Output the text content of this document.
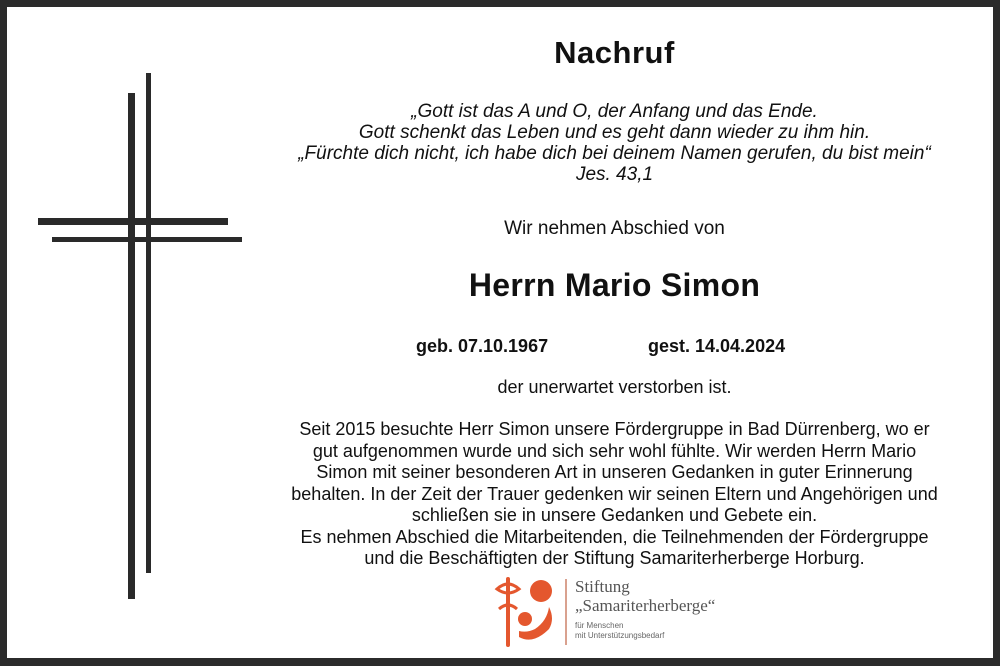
Nachruf
„Gott ist das A und O, der Anfang und das Ende.
Gott schenkt das Leben und es geht dann wieder zu ihm hin.
„Fürchte dich nicht, ich habe dich bei deinem Namen gerufen, du bist mein“
Jes. 43,1
Wir nehmen Abschied von
Herrn Mario Simon
geb. 07.10.1967	gest. 14.04.2024
der unerwartet verstorben ist.
Seit 2015 besuchte Herr Simon unsere Fördergruppe in Bad Dürrenberg, wo er
gut aufgenommen wurde und sich sehr wohl fühlte. Wir werden Herrn Mario
Simon mit seiner besonderen Art in unseren Gedanken in guter Erinnerung
behalten. In der Zeit der Trauer gedenken wir seinen Eltern und Angehörigen und
schließen sie in unsere Gedanken und Gebete ein.
Es nehmen Abschied die Mitarbeitenden, die Teilnehmenden der Fördergruppe
und die Beschäftigten der Stiftung Samariterherberge Horburg.
Stiftung
„Samariterherberge“
für Menschen
mit Unterstützungsbedarf
